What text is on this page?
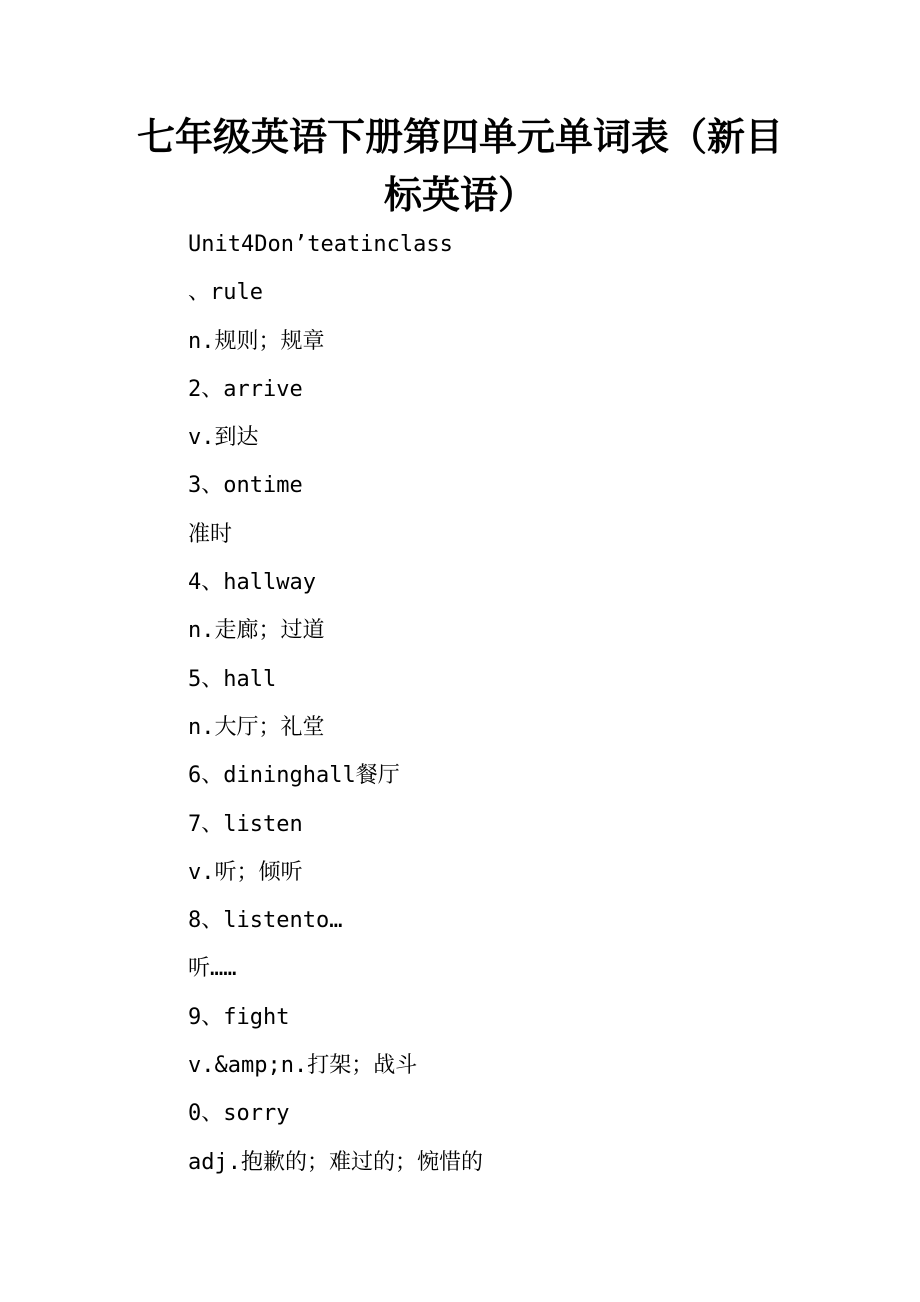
七年级英语下册第四单元单词表（新目标英语）
Unit4Don’teatinclass
、rule
n.规则；规章
2、arrive
v.到达
3、ontime
准时
4、hallway
n.走廊；过道
5、hall
n.大厅；礼堂
6、dininghall餐厅
7、listen
v.听；倾听
8、listento…
听……
9、fight
v.&amp;n.打架；战斗
0、sorry
adj.抱歉的；难过的；惋惜的
